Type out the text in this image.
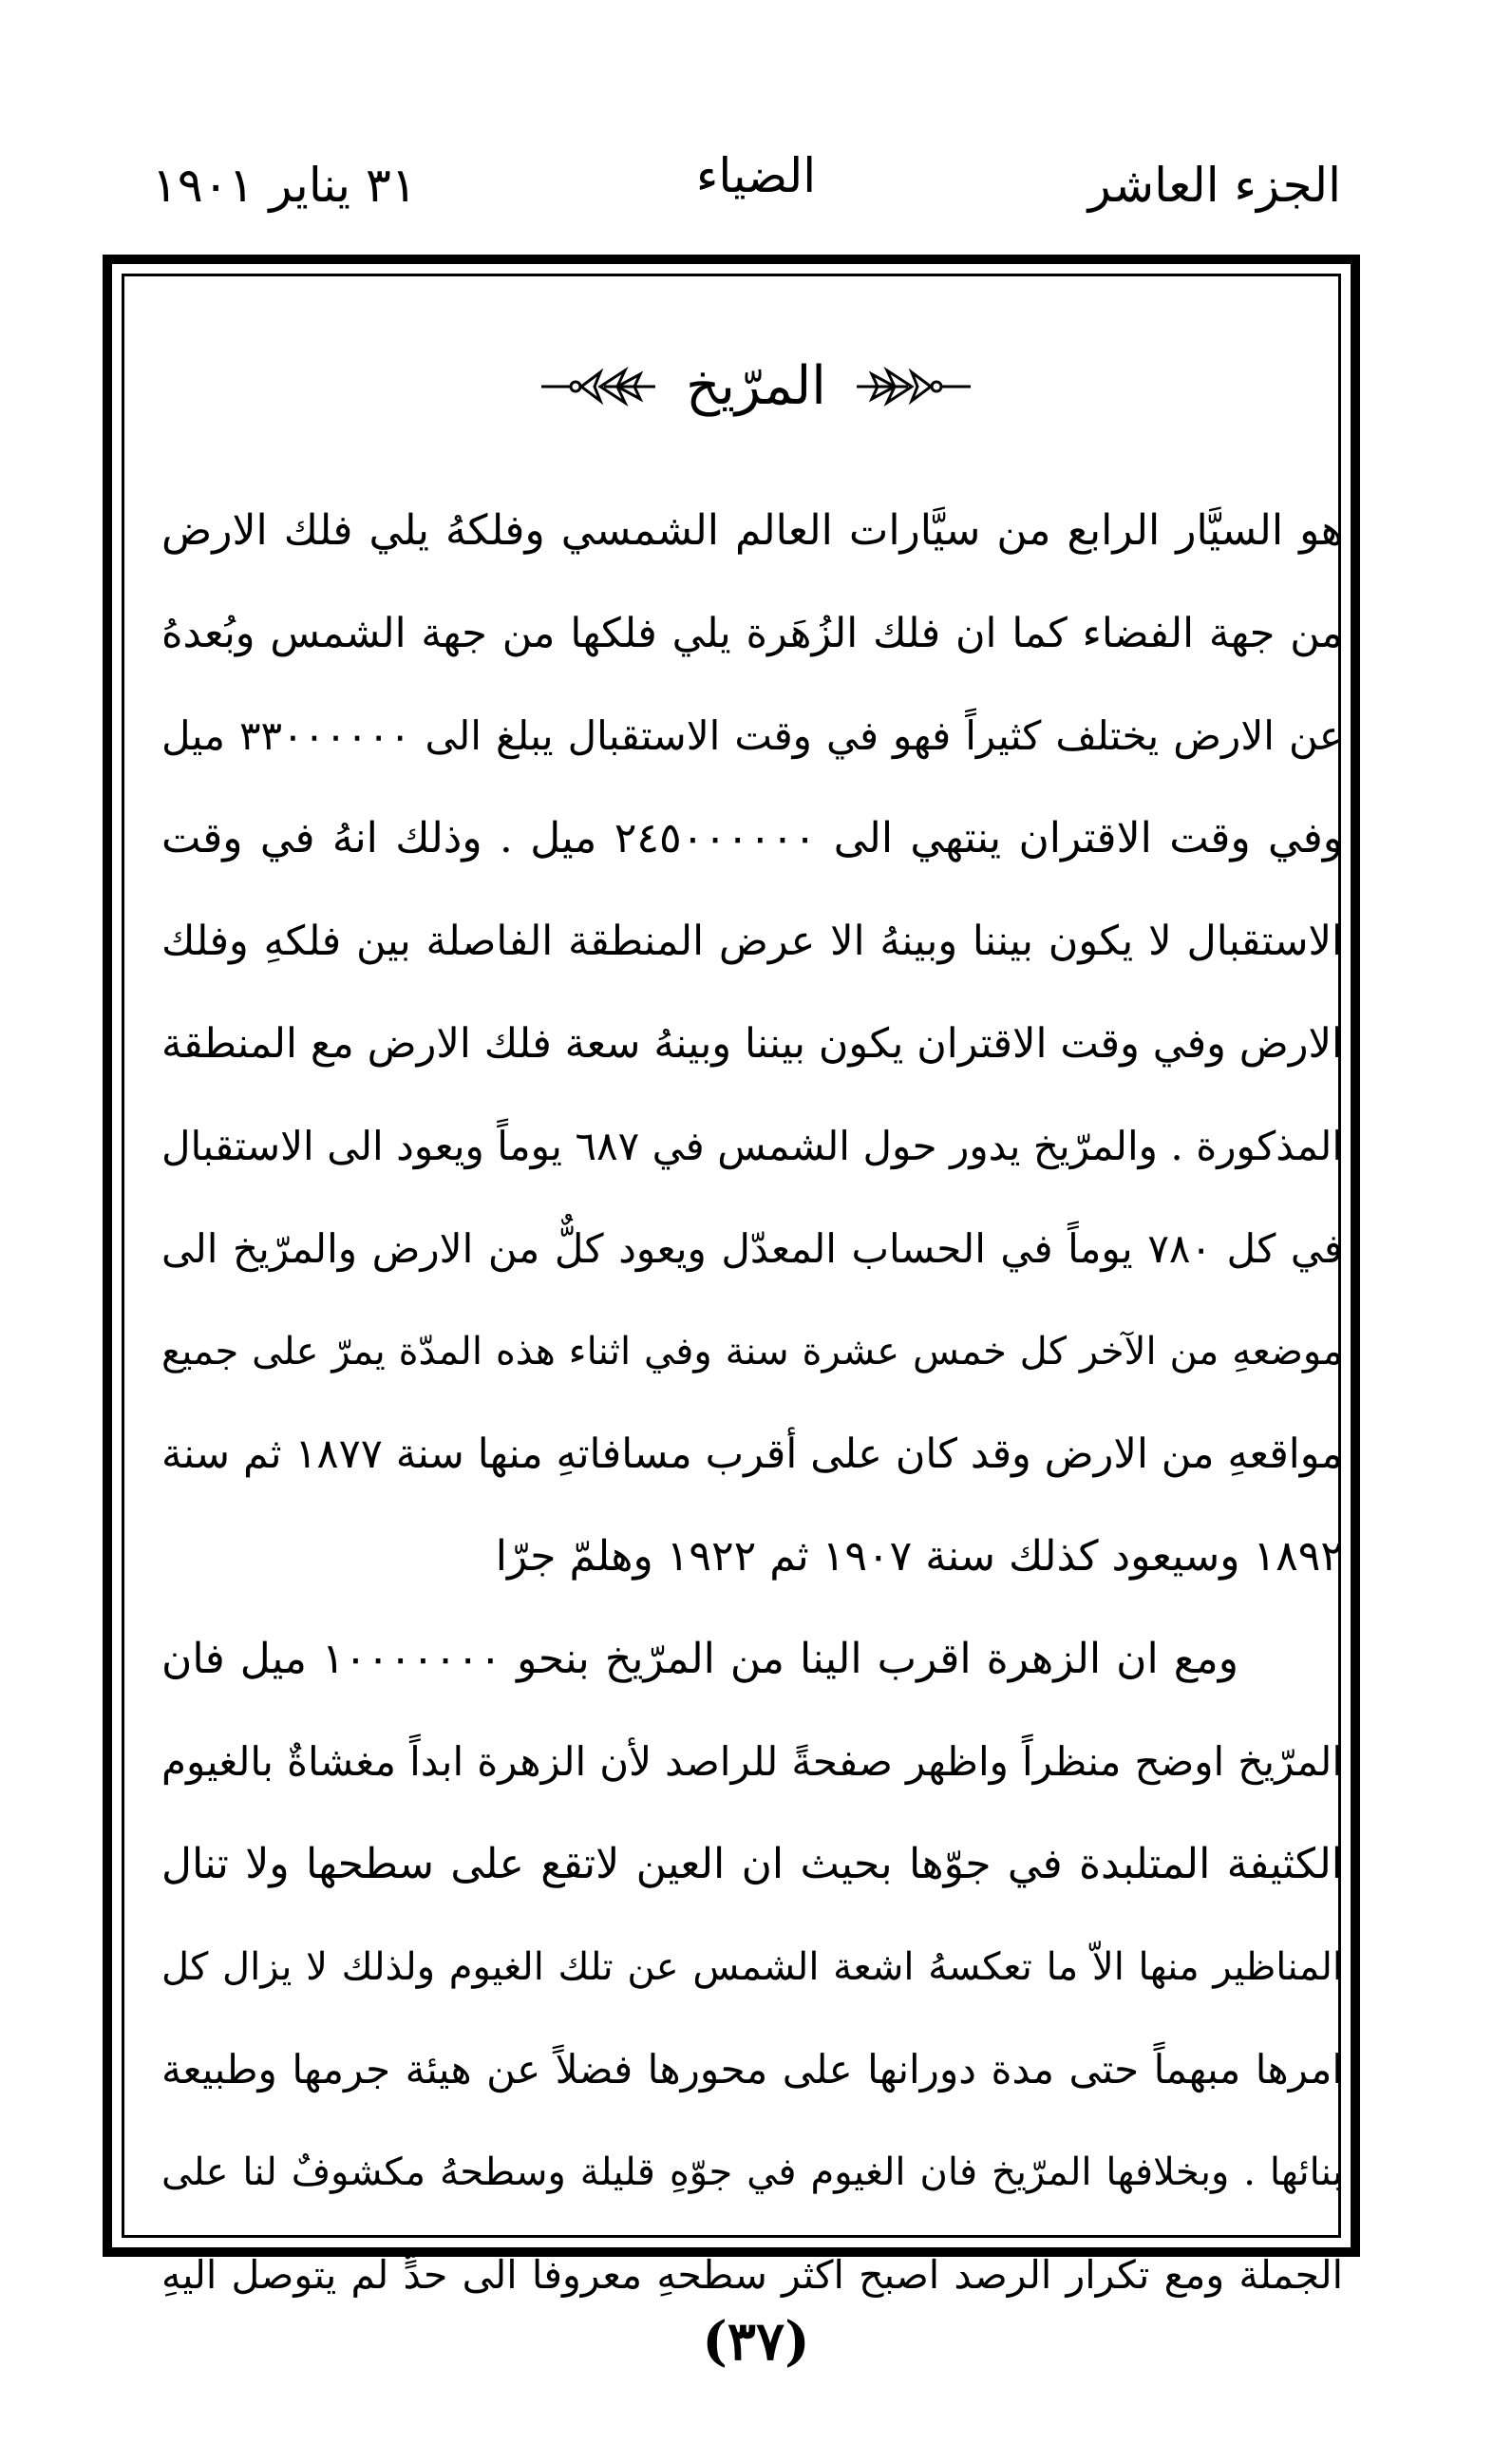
الجزء العاشر
الضياء
٣١ يناير ١٩٠١
المرّيخ
هو السيَّار الرابع من سيَّارات العالم الشمسي وفلكهُ يلي فلك الارض
من جهة الفضاء كما ان فلك الزُهَرة يلي فلكها من جهة الشمس وبُعدهُ
عن الارض يختلف كثيراً فهو في وقت الاستقبال يبلغ الى ٣٣٠٠٠٠٠٠ ميل
وفي وقت الاقتران ينتهي الى ٢٤٥٠٠٠٠٠٠ ميل . وذلك انهُ في وقت
الاستقبال لا يكون بيننا وبينهُ الا عرض المنطقة الفاصلة بين فلكهِ وفلك
الارض وفي وقت الاقتران يكون بيننا وبينهُ سعة فلك الارض مع المنطقة
المذكورة . والمرّيخ يدور حول الشمس في ٦٨٧ يوماً ويعود الى الاستقبال
في كل ٧٨٠ يوماً في الحساب المعدّل ويعود كلٌّ من الارض والمرّيخ الى
موضعهِ من الآخر كل خمس عشرة سنة وفي اثناء هذه المدّة يمرّ على جميع
مواقعهِ من الارض وقد كان على أقرب مسافاتهِ منها سنة ١٨٧٧ ثم سنة
١٨٩٢ وسيعود كذلك سنة ١٩٠٧ ثم ١٩٢٢ وهلمّ جرّا
ومع ان الزهرة اقرب الينا من المرّيخ بنحو ١٠٠٠٠٠٠٠ ميل فان
المرّيخ اوضح منظراً واظهر صفحةً للراصد لأن الزهرة ابداً مغشاةٌ بالغيوم
الكثيفة المتلبدة في جوّها بحيث ان العين لاتقع على سطحها ولا تنال
المناظير منها الاّ ما تعكسهُ اشعة الشمس عن تلك الغيوم ولذلك لا يزال كل
امرها مبهماً حتى مدة دورانها على محورها فضلاً عن هيئة جرمها وطبيعة
بنائها . وبخلافها المرّيخ فان الغيوم في جوّهِ قليلة وسطحهُ مكشوفٌ لنا على
الجملة ومع تكرار الرصد اصبح اكثر سطحهِ معروفاً الى حدٍّ لم يتوصل اليهِ
(٣٧)
